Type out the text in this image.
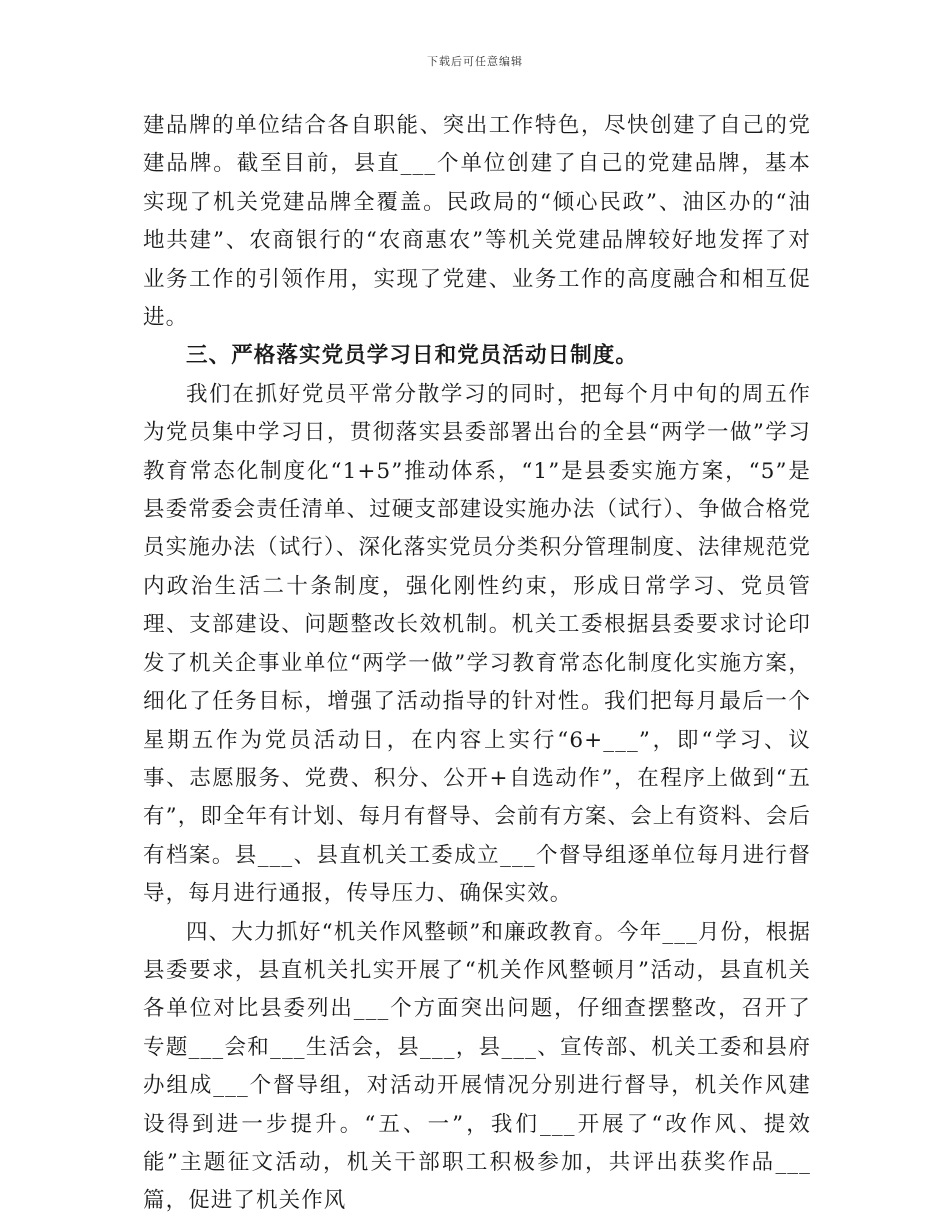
下载后可任意编辑

建品牌的单位结合各自职能、突出工作特色，尽快创建了自己的党建品牌。截至目前，县直___个单位创建了自己的党建品牌，基本实现了机关党建品牌全覆盖。民政局的“倾心民政”、油区办的“油地共建”、农商银行的“农商惠农”等机关党建品牌较好地发挥了对业务工作的引领作用，实现了党建、业务工作的高度融合和相互促进。

三、严格落实党员学习日和党员活动日制度。

我们在抓好党员平常分散学习的同时，把每个月中旬的周五作为党员集中学习日，贯彻落实县委部署出台的全县“两学一做”学习教育常态化制度化“1+5”推动体系，“1”是县委实施方案，“5”是县委常委会责任清单、过硬支部建设实施办法（试行）、争做合格党员实施办法（试行）、深化落实党员分类积分管理制度、法律规范党内政治生活二十条制度，强化刚性约束，形成日常学习、党员管理、支部建设、问题整改长效机制。机关工委根据县委要求讨论印发了机关企事业单位“两学一做”学习教育常态化制度化实施方案，细化了任务目标，增强了活动指导的针对性。我们把每月最后一个星期五作为党员活动日，在内容上实行“6+___”，即“学习、议事、志愿服务、党费、积分、公开+自选动作”，在程序上做到“五有”，即全年有计划、每月有督导、会前有方案、会上有资料、会后有档案。县___、县直机关工委成立___个督导组逐单位每月进行督导，每月进行通报，传导压力、确保实效。

四、大力抓好“机关作风整顿”和廉政教育。今年___月份，根据县委要求，县直机关扎实开展了“机关作风整顿月”活动，县直机关各单位对比县委列出___个方面突出问题，仔细查摆整改，召开了专题___会和___生活会，县___，县___、宣传部、机关工委和县府办组成___个督导组，对活动开展情况分别进行督导，机关作风建设得到进一步提升。“五、一”，我们___开展了“改作风、提效能”主题征文活动，机关干部职工积极参加，共评出获奖作品___篇，促进了机关作风
